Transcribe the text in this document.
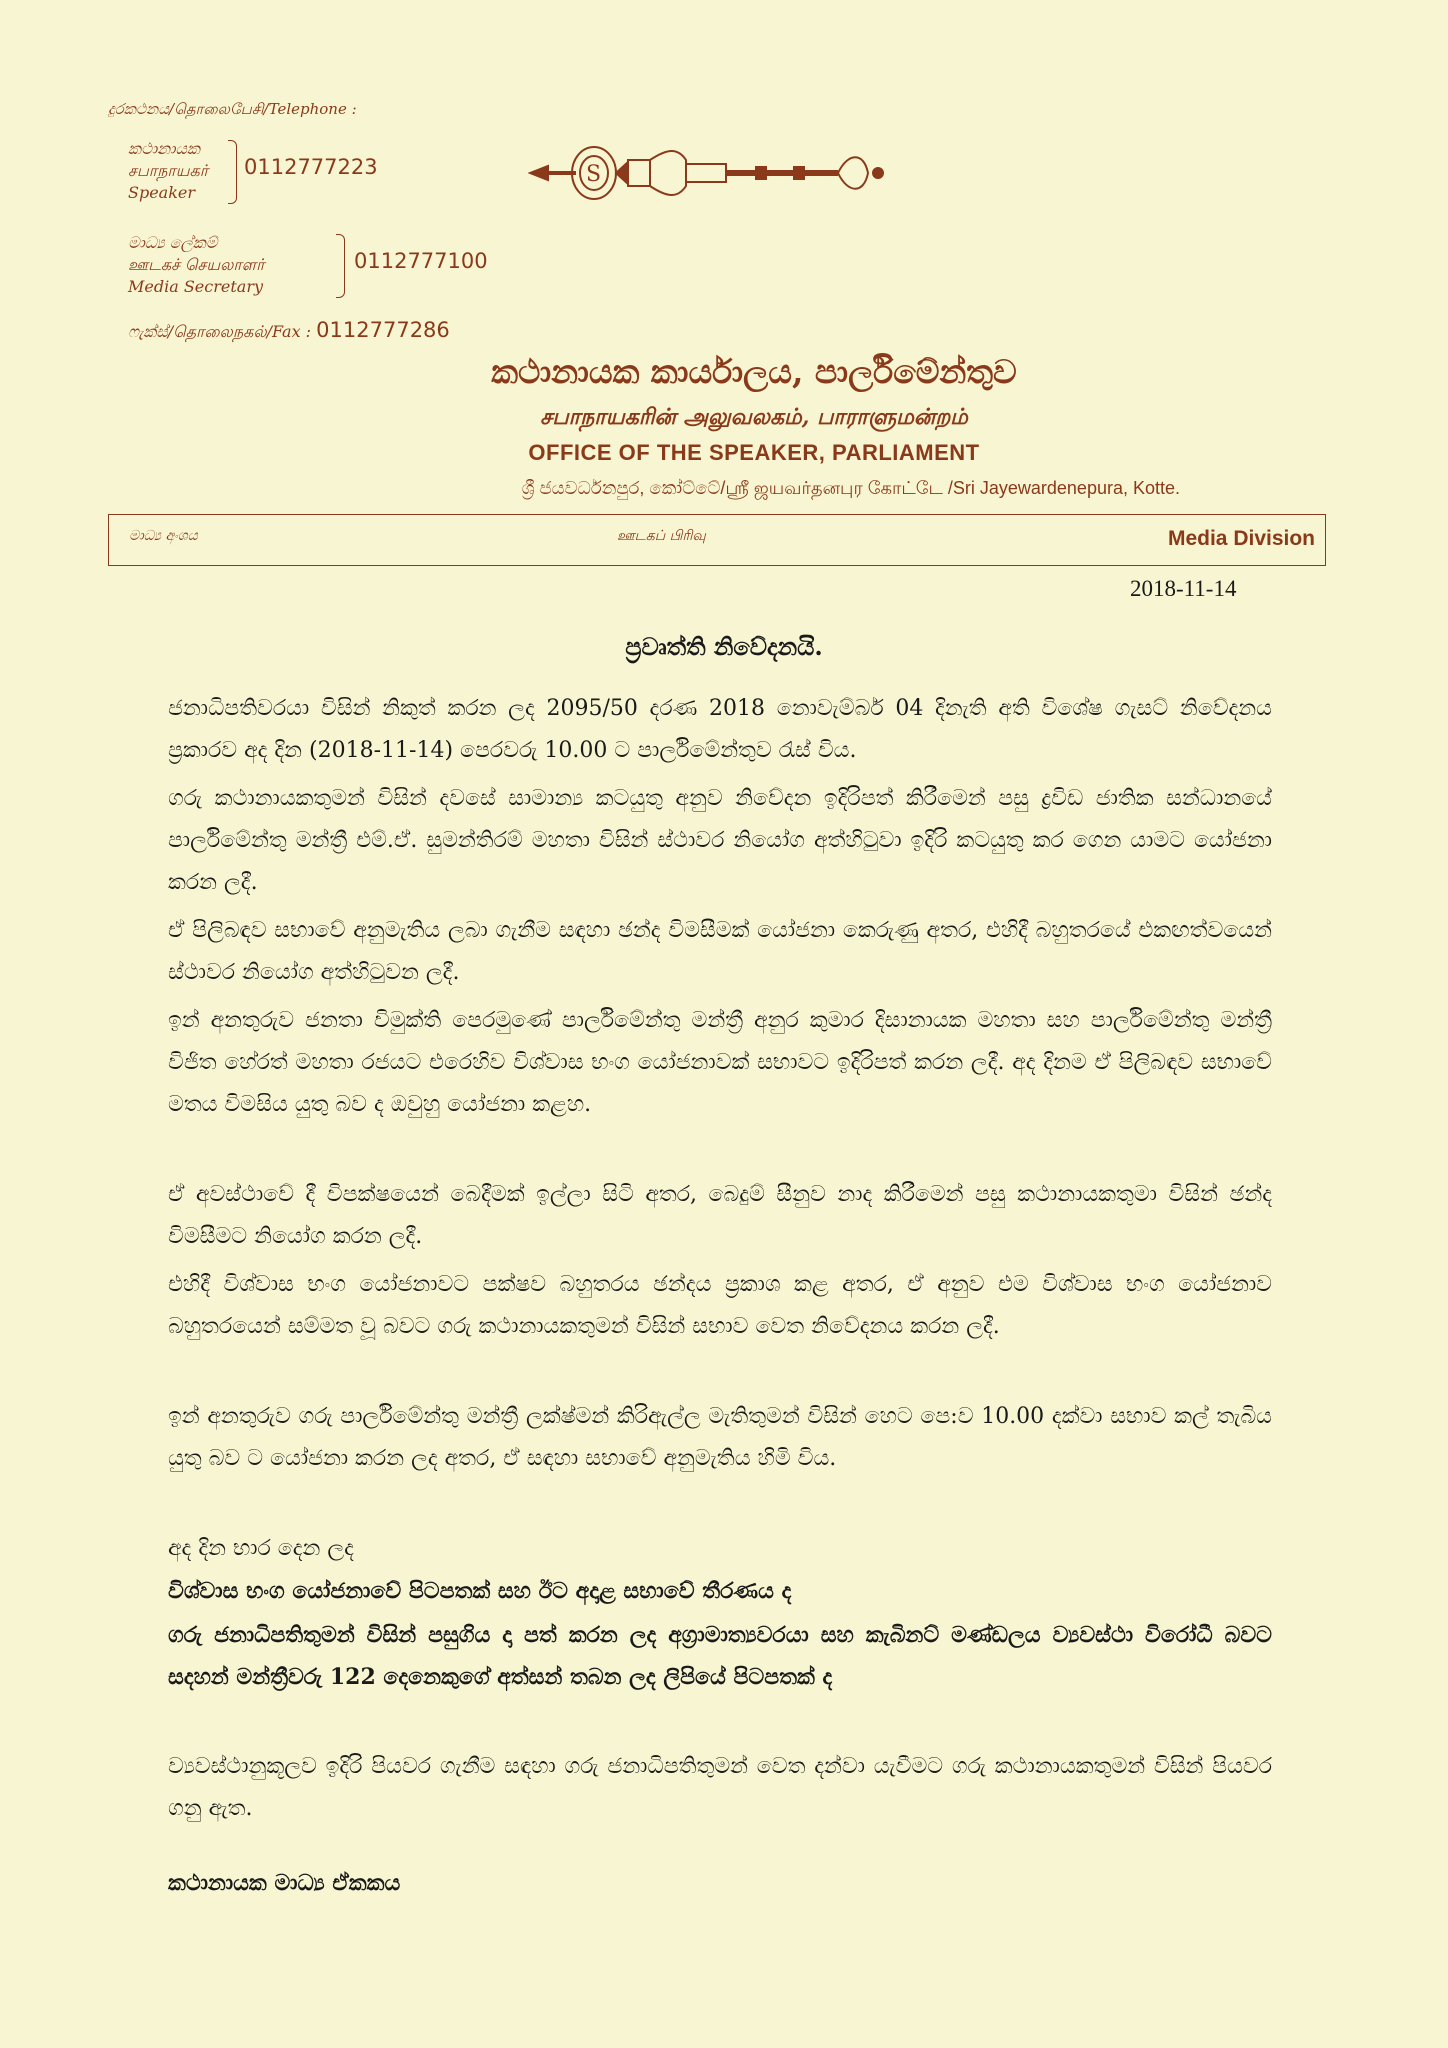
දුරකථනය/தொலைபேசி/Telephone :
කථානායක
சபாநாயகர்
Speaker
0112777223
මාධ්‍ය ලේකම්
ஊடகச் செயலாளர்
Media Secretary
0112777100
ෆැක්ස්/தொலைநகல்/Fax : 0112777286
S
කථානායක කාර්යාලය, පාර්ලිමේන්තුව
சபாநாயகரின் அலுவலகம், பாராளுமன்றம்
OFFICE OF THE SPEAKER, PARLIAMENT
ශ්‍රී ජයවර්ධනපුර, කෝට්ටේ/ஸ்ரீ ஜயவர்தனபுர கோட்டே /Sri Jayewardenepura, Kotte.
මාධ්‍ය අංශය	ஊடகப் பிரிவு	Media Division
2018-11-14
ප්‍රවෘත්ති නිවේදනයි.
ජනාධිපතිවරයා විසින් නිකුත් කරන ලද 2095/50 දරණ 2018 නොවැම්බර් 04 දිනැති අති විශේෂ ගැසට් නිවේදනය ප්‍රකාරව අද දින (2018-11-14) පෙරවරු 10.00 ට පාර්ලිමේන්තුව රැස් විය.
ගරු කථානායකතුමන් විසින් දවසේ සාමාන්‍ය කටයුතු අනුව නිවේදන ඉදිරිපත් කිරීමෙන් පසු ද්‍රවිඩ ජාතික සන්ධානයේ පාර්ලිමේන්තු මන්ත්‍රී එම්.ඒ. සුමන්තිරම් මහතා විසින් ස්ථාවර නියෝග අත්හිටුවා ඉදිරි කටයුතු කර ගෙන යාමට යෝජනා කරන ලදී.
ඒ පිලිබඳව සභාවේ අනුමැතිය ලබා ගැනීම සඳහා ඡන්ද විමසීමක් යෝජනා කෙරුණු අතර, එහිදී බහුතරයේ එකඟත්වයෙන් ස්ථාවර නියෝග අත්හිටුවන ලදී.
ඉන් අනතුරුව ජනතා විමුක්ති පෙරමුණේ පාර්ලිමේන්තු මන්ත්‍රී අනුර කුමාර දිසානායක මහතා සහ පාර්ලිමේන්තු මන්ත්‍රී විජිත හේරත් මහතා රජයට එරෙහිව විශ්වාස භංග යෝජනාවක් සභාවට ඉදිරිපත් කරන ලදී. අද දිනම ඒ පිලිබඳව සභාවේ මතය විමසිය යුතු බව ද ඔවුහු යෝජනා කළහ.
ඒ අවස්ථාවේ දී විපක්ෂයෙන් බෙදීමක් ඉල්ලා සිටි අතර, බෙදුම් සීනුව නාද කිරීමෙන් පසු කථානායකතුමා විසින් ඡන්ද විමසීමට නියෝග කරන ලදී.
එහිදී විශ්වාස භංග යෝජනාවට පක්ෂව බහුතරය ඡන්දය ප්‍රකාශ කළ අතර, ඒ අනුව එම විශ්වාස භංග යෝජනාව බහුතරයෙන් සම්මත වූ බවට ගරු කථානායකතුමන් විසින් සභාව වෙත නිවේදනය කරන ලදී.
ඉන් අනතුරුව ගරු පාර්ලිමේන්තු මන්ත්‍රී ලක්ෂ්මන් කිරිඇල්ල මැතිතුමන් විසින් හෙට පෙ:ව 10.00 දක්වා සභාව කල් තැබිය යුතු බව ට යෝජනා කරන ලද අතර, ඒ සඳහා සභාවේ අනුමැතිය හිමි විය.
අද දින භාර දෙන ලද
විශ්වාස භංග යෝජනාවේ පිටපතක් සහ ඊට අදාළ සභාවේ තීරණය ද
ගරු ජනාධිපතිතුමන් විසින් පසුගිය දා පත් කරන ලද අග්‍රාමාත්‍යවරයා සහ කැබිනට් මණ්ඩලය ව්‍යවස්ථා විරෝධී බවට සදහන් මන්ත්‍රීවරු 122 දෙනෙකුගේ අත්සන් තබන ලද ලිපියේ පිටපතක් ද
ව්‍යවස්ථානුකූලව ඉදිරි පියවර ගැනීම සඳහා ගරු ජනාධිපතිතුමන් වෙත දන්වා යැවීමට ගරු කථානායකතුමන් විසින් පියවර ගනු ඇත.
කථානායක මාධ්‍ය ඒකකය
